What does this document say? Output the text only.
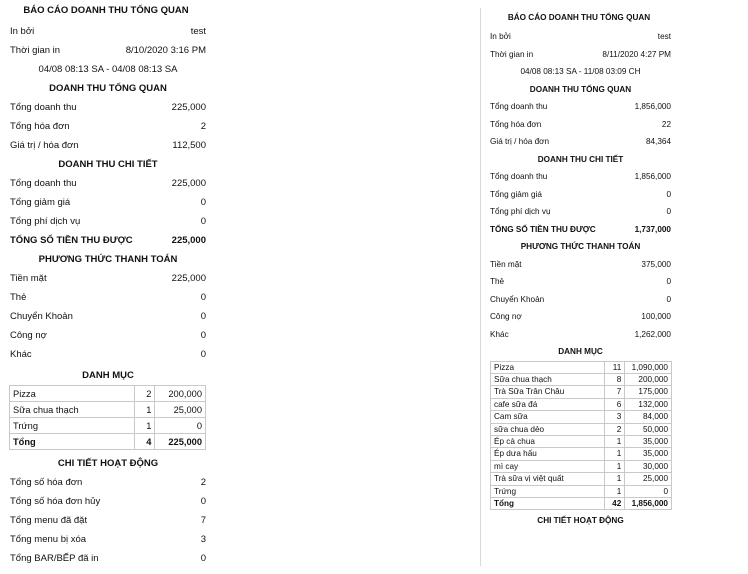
BÁO CÁO DOANH THU TỔNG QUAN
In bởi	test
Thời gian in	8/10/2020 3:16 PM
04/08 08:13 SA - 04/08 08:13 SA
DOANH THU TỔNG QUAN
Tổng doanh thu	225,000
Tổng hóa đơn	2
Giá trị / hóa đơn	112,500
DOANH THU CHI TIẾT
Tổng doanh thu	225,000
Tổng giảm giá	0
Tổng phí dịch vụ	0
TỔNG SỐ TIỀN THU ĐƯỢC	225,000
PHƯƠNG THỨC THANH TOÁN
Tiền mặt	225,000
Thẻ	0
Chuyển Khoản	0
Công nợ	0
Khác	0
DANH MỤC
Pizza	2	200,000
Sữa chua thạch	1	25,000
Trứng	1	0
Tổng	4	225,000
CHI TIẾT HOẠT ĐỘNG
Tổng số hóa đơn	2
Tổng số hóa đơn hủy	0
Tổng menu đã đặt	7
Tổng menu bị xóa	3
Tổng BAR/BẾP đã in	0
BÁO CÁO DOANH THU TỔNG QUAN
In bởi	test
Thời gian in	8/11/2020 4:27 PM
04/08 08:13 SA - 11/08 03:09 CH
DOANH THU TỔNG QUAN
Tổng doanh thu	1,856,000
Tổng hóa đơn	22
Giá trị / hóa đơn	84,364
DOANH THU CHI TIẾT
Tổng doanh thu	1,856,000
Tổng giảm giá	0
Tổng phí dịch vụ	0
TỔNG SỐ TIỀN THU ĐƯỢC	1,737,000
PHƯƠNG THỨC THANH TOÁN
Tiền mặt	375,000
Thẻ	0
Chuyển Khoản	0
Công nợ	100,000
Khác	1,262,000
DANH MỤC
Pizza	11	1,090,000
Sữa chua thạch	8	200,000
Trà Sữa Trân Châu	7	175,000
cafe sữa đá	6	132,000
Cam sữa	3	84,000
sữa chua dẻo	2	50,000
Ép cà chua	1	35,000
Ép dưa hấu	1	35,000
mì cay	1	30,000
Trà sữa vị việt quất	1	25,000
Trứng	1	0
Tổng	42	1,856,000
CHI TIẾT HOẠT ĐỘNG
